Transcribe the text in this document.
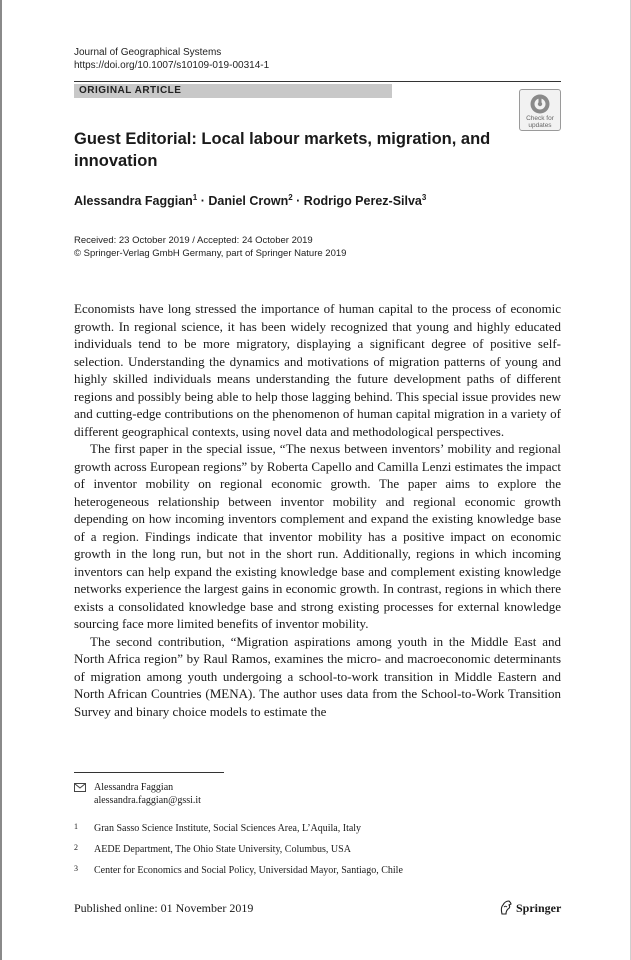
Journal of Geographical Systems
https://doi.org/10.1007/s10109-019-00314-1
ORIGINAL ARTICLE
Check for
updates
Guest Editorial: Local labour markets, migration, and innovation
Alessandra Faggian$^1$ · Daniel Crown$^2$ · Rodrigo Perez-Silva$^3$
Received: 23 October 2019 / Accepted: 24 October 2019
© Springer-Verlag GmbH Germany, part of Springer Nature 2019

Economists have long stressed the importance of human capital to the process of economic growth. In regional science, it has been widely recognized that young and highly educated individuals tend to be more migratory, displaying a significant degree of positive self-selection. Understanding the dynamics and motivations of migration patterns of young and highly skilled individuals means understanding the future development paths of different regions and possibly being able to help those lagging behind. This special issue provides new and cutting-edge contributions on the phenomenon of human capital migration in a variety of different geographical contexts, using novel data and methodological perspectives.

The first paper in the special issue, “The nexus between inventors’ mobility and regional growth across European regions” by Roberta Capello and Camilla Lenzi estimates the impact of inventor mobility on regional economic growth. The paper aims to explore the heterogeneous relationship between inventor mobility and regional economic growth depending on how incoming inventors complement and expand the existing knowledge base of a region. Findings indicate that inventor mobility has a positive impact on economic growth in the long run, but not in the short run. Additionally, regions in which incoming inventors can help expand the existing knowledge base and complement existing knowledge networks experience the largest gains in economic growth. In contrast, regions in which there exists a consolidated knowledge base and strong existing processes for external knowledge sourcing face more limited benefits of inventor mobility.

The second contribution, “Migration aspirations among youth in the Middle East and North Africa region” by Raul Ramos, examines the micro- and macroeconomic determinants of migration among youth undergoing a school-to-work transition in Middle Eastern and North African Countries (MENA). The author uses data from the School-to-Work Transition Survey and binary choice models to estimate the

Alessandra Faggian
alessandra.faggian@gssi.it
1 Gran Sasso Science Institute, Social Sciences Area, L’Aquila, Italy
2 AEDE Department, The Ohio State University, Columbus, USA
3 Center for Economics and Social Policy, Universidad Mayor, Santiago, Chile
Published online: 01 November 2019	Springer
